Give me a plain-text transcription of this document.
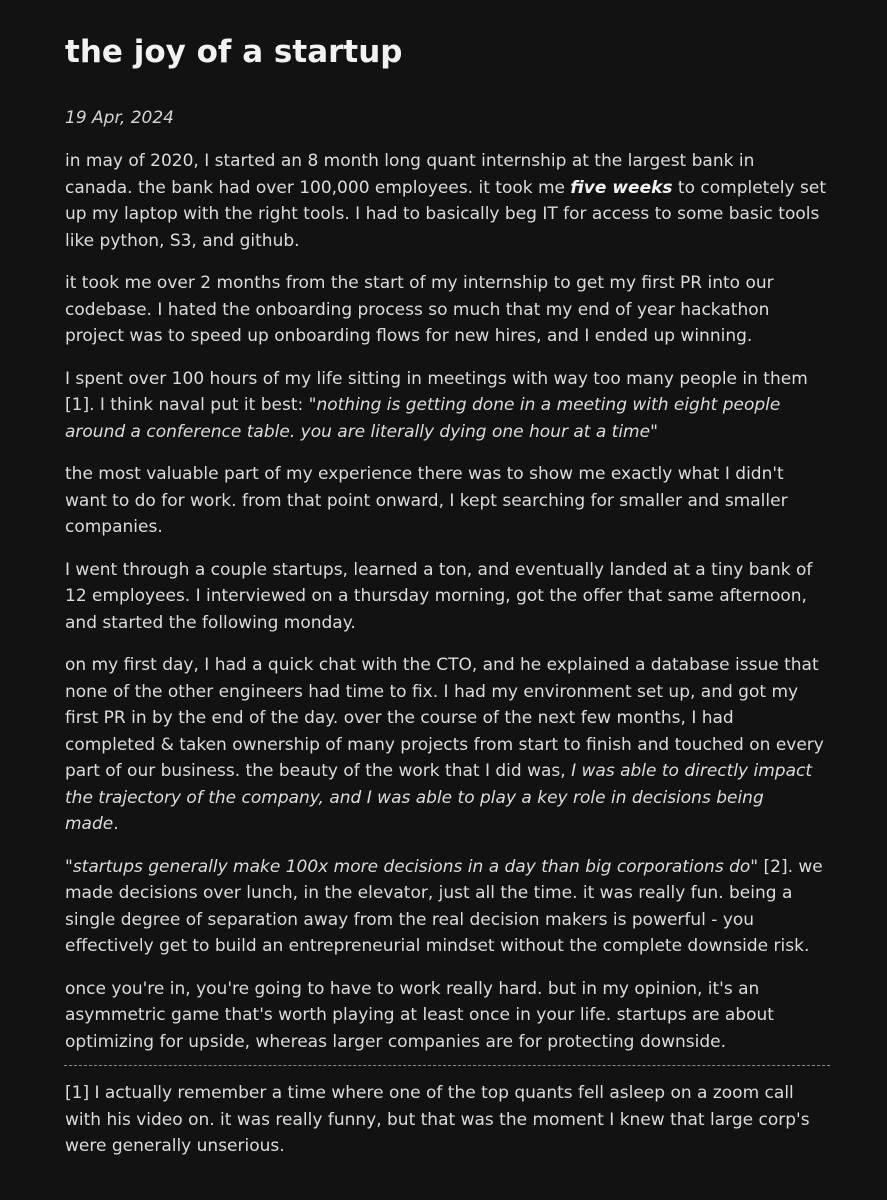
the joy of a startup
19 Apr, 2024

in may of 2020, I started an 8 month long quant internship at the largest bank in
canada. the bank had over 100,000 employees. it took me five weeks to completely set
up my laptop with the right tools. I had to basically beg IT for access to some basic tools
like python, S3, and github.

it took me over 2 months from the start of my internship to get my first PR into our
codebase. I hated the onboarding process so much that my end of year hackathon
project was to speed up onboarding flows for new hires, and I ended up winning.

I spent over 100 hours of my life sitting in meetings with way too many people in them
[1]. I think naval put it best: "nothing is getting done in a meeting with eight people
around a conference table. you are literally dying one hour at a time"

the most valuable part of my experience there was to show me exactly what I didn't
want to do for work. from that point onward, I kept searching for smaller and smaller
companies.

I went through a couple startups, learned a ton, and eventually landed at a tiny bank of
12 employees. I interviewed on a thursday morning, got the offer that same afternoon,
and started the following monday.

on my first day, I had a quick chat with the CTO, and he explained a database issue that
none of the other engineers had time to fix. I had my environment set up, and got my
first PR in by the end of the day. over the course of the next few months, I had
completed & taken ownership of many projects from start to finish and touched on every
part of our business. the beauty of the work that I did was, I was able to directly impact
the trajectory of the company, and I was able to play a key role in decisions being
made.

"startups generally make 100x more decisions in a day than big corporations do" [2]. we
made decisions over lunch, in the elevator, just all the time. it was really fun. being a
single degree of separation away from the real decision makers is powerful - you
effectively get to build an entrepreneurial mindset without the complete downside risk.

once you're in, you're going to have to work really hard. but in my opinion, it's an
asymmetric game that's worth playing at least once in your life. startups are about
optimizing for upside, whereas larger companies are for protecting downside.

[1] I actually remember a time where one of the top quants fell asleep on a zoom call
with his video on. it was really funny, but that was the moment I knew that large corp's
were generally unserious.
